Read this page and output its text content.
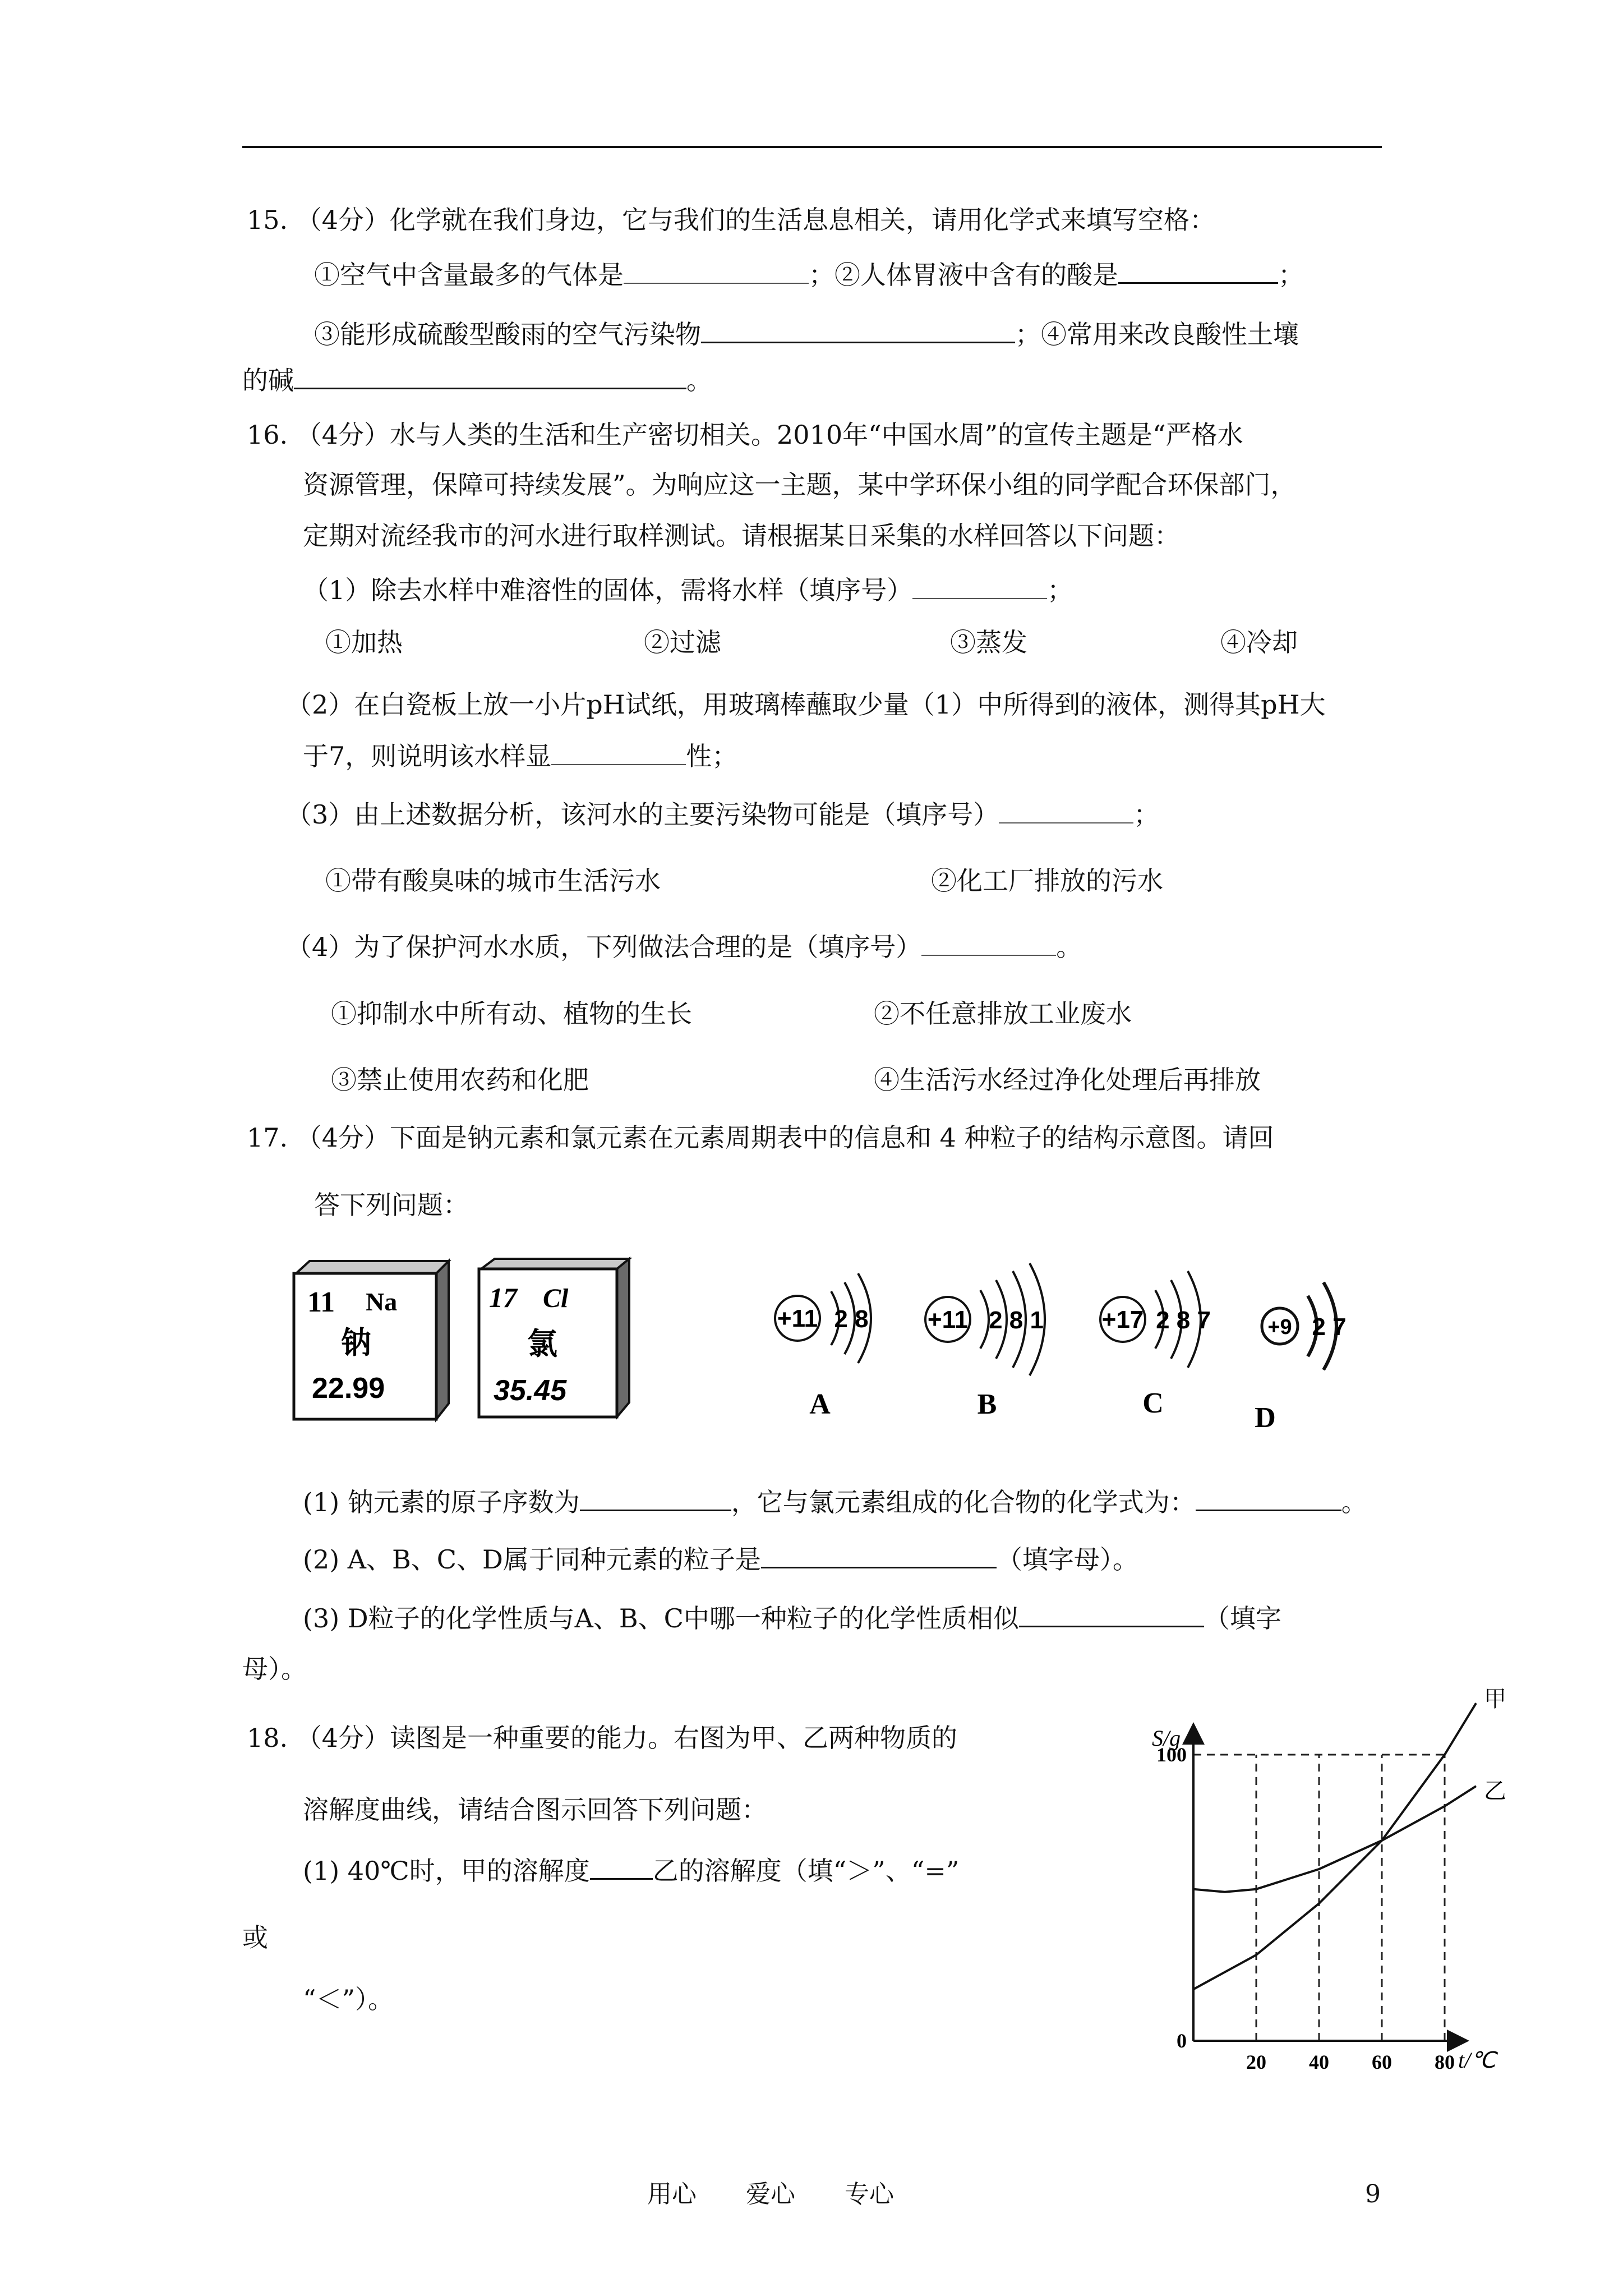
15. （4分）化学就在我们身边，它与我们的生活息息相关，请用化学式来填写空格：
①空气中含量最多的气体是	；②人体胃液中含有的酸是	；
③能形成硫酸型酸雨的空气污染物	；④常用来改良酸性土壤
的碱	。
16. （4分）水与人类的生活和生产密切相关。2010年“中国水周”的宣传主题是“严格水
资源管理，保障可持续发展”。为响应这一主题，某中学环保小组的同学配合环保部门，
定期对流经我市的河水进行取样测试。请根据某日采集的水样回答以下问题：
（1）除去水样中难溶性的固体，需将水样（填序号）	；
①加热	②过滤	③蒸发	④冷却
（2）在白瓷板上放一小片pH试纸，用玻璃棒蘸取少量（1）中所得到的液体，测得其pH大
于7，则说明该水样显	性；
（3）由上述数据分析，该河水的主要污染物可能是（填序号）	；
①带有酸臭味的城市生活污水	②化工厂排放的污水
（4）为了保护河水水质，下列做法合理的是（填序号）	。
①抑制水中所有动、植物的生长	②不任意排放工业废水
③禁止使用农药和化肥	④生活污水经过净化处理后再排放
17. （4分）下面是钠元素和氯元素在元素周期表中的信息和 4 种粒子的结构示意图。请回
答下列问题：
11 Na
钠
22.99
17 Cl
氯
35.45
+11 2 8
A
+11 2 8 1
B
+17 2 8 7
C
+9 2 7
D
(1) 钠元素的原子序数为	，它与氯元素组成的化合物的化学式为：	。
(2) A、B、C、D属于同种元素的粒子是	（填字母）。
(3) D粒子的化学性质与A、B、C中哪一种粒子的化学性质相似	（填字
母）。
18. （4分）读图是一种重要的能力。右图为甲、乙两种物质的
溶解度曲线，请结合图示回答下列问题：
(1) 40℃时，甲的溶解度 乙的溶解度（填“＞”、“=”
或
“＜”）。
甲
乙
20 40 60 80
0
100
S/g
t/℃
用心　　爱心　　专心	9
